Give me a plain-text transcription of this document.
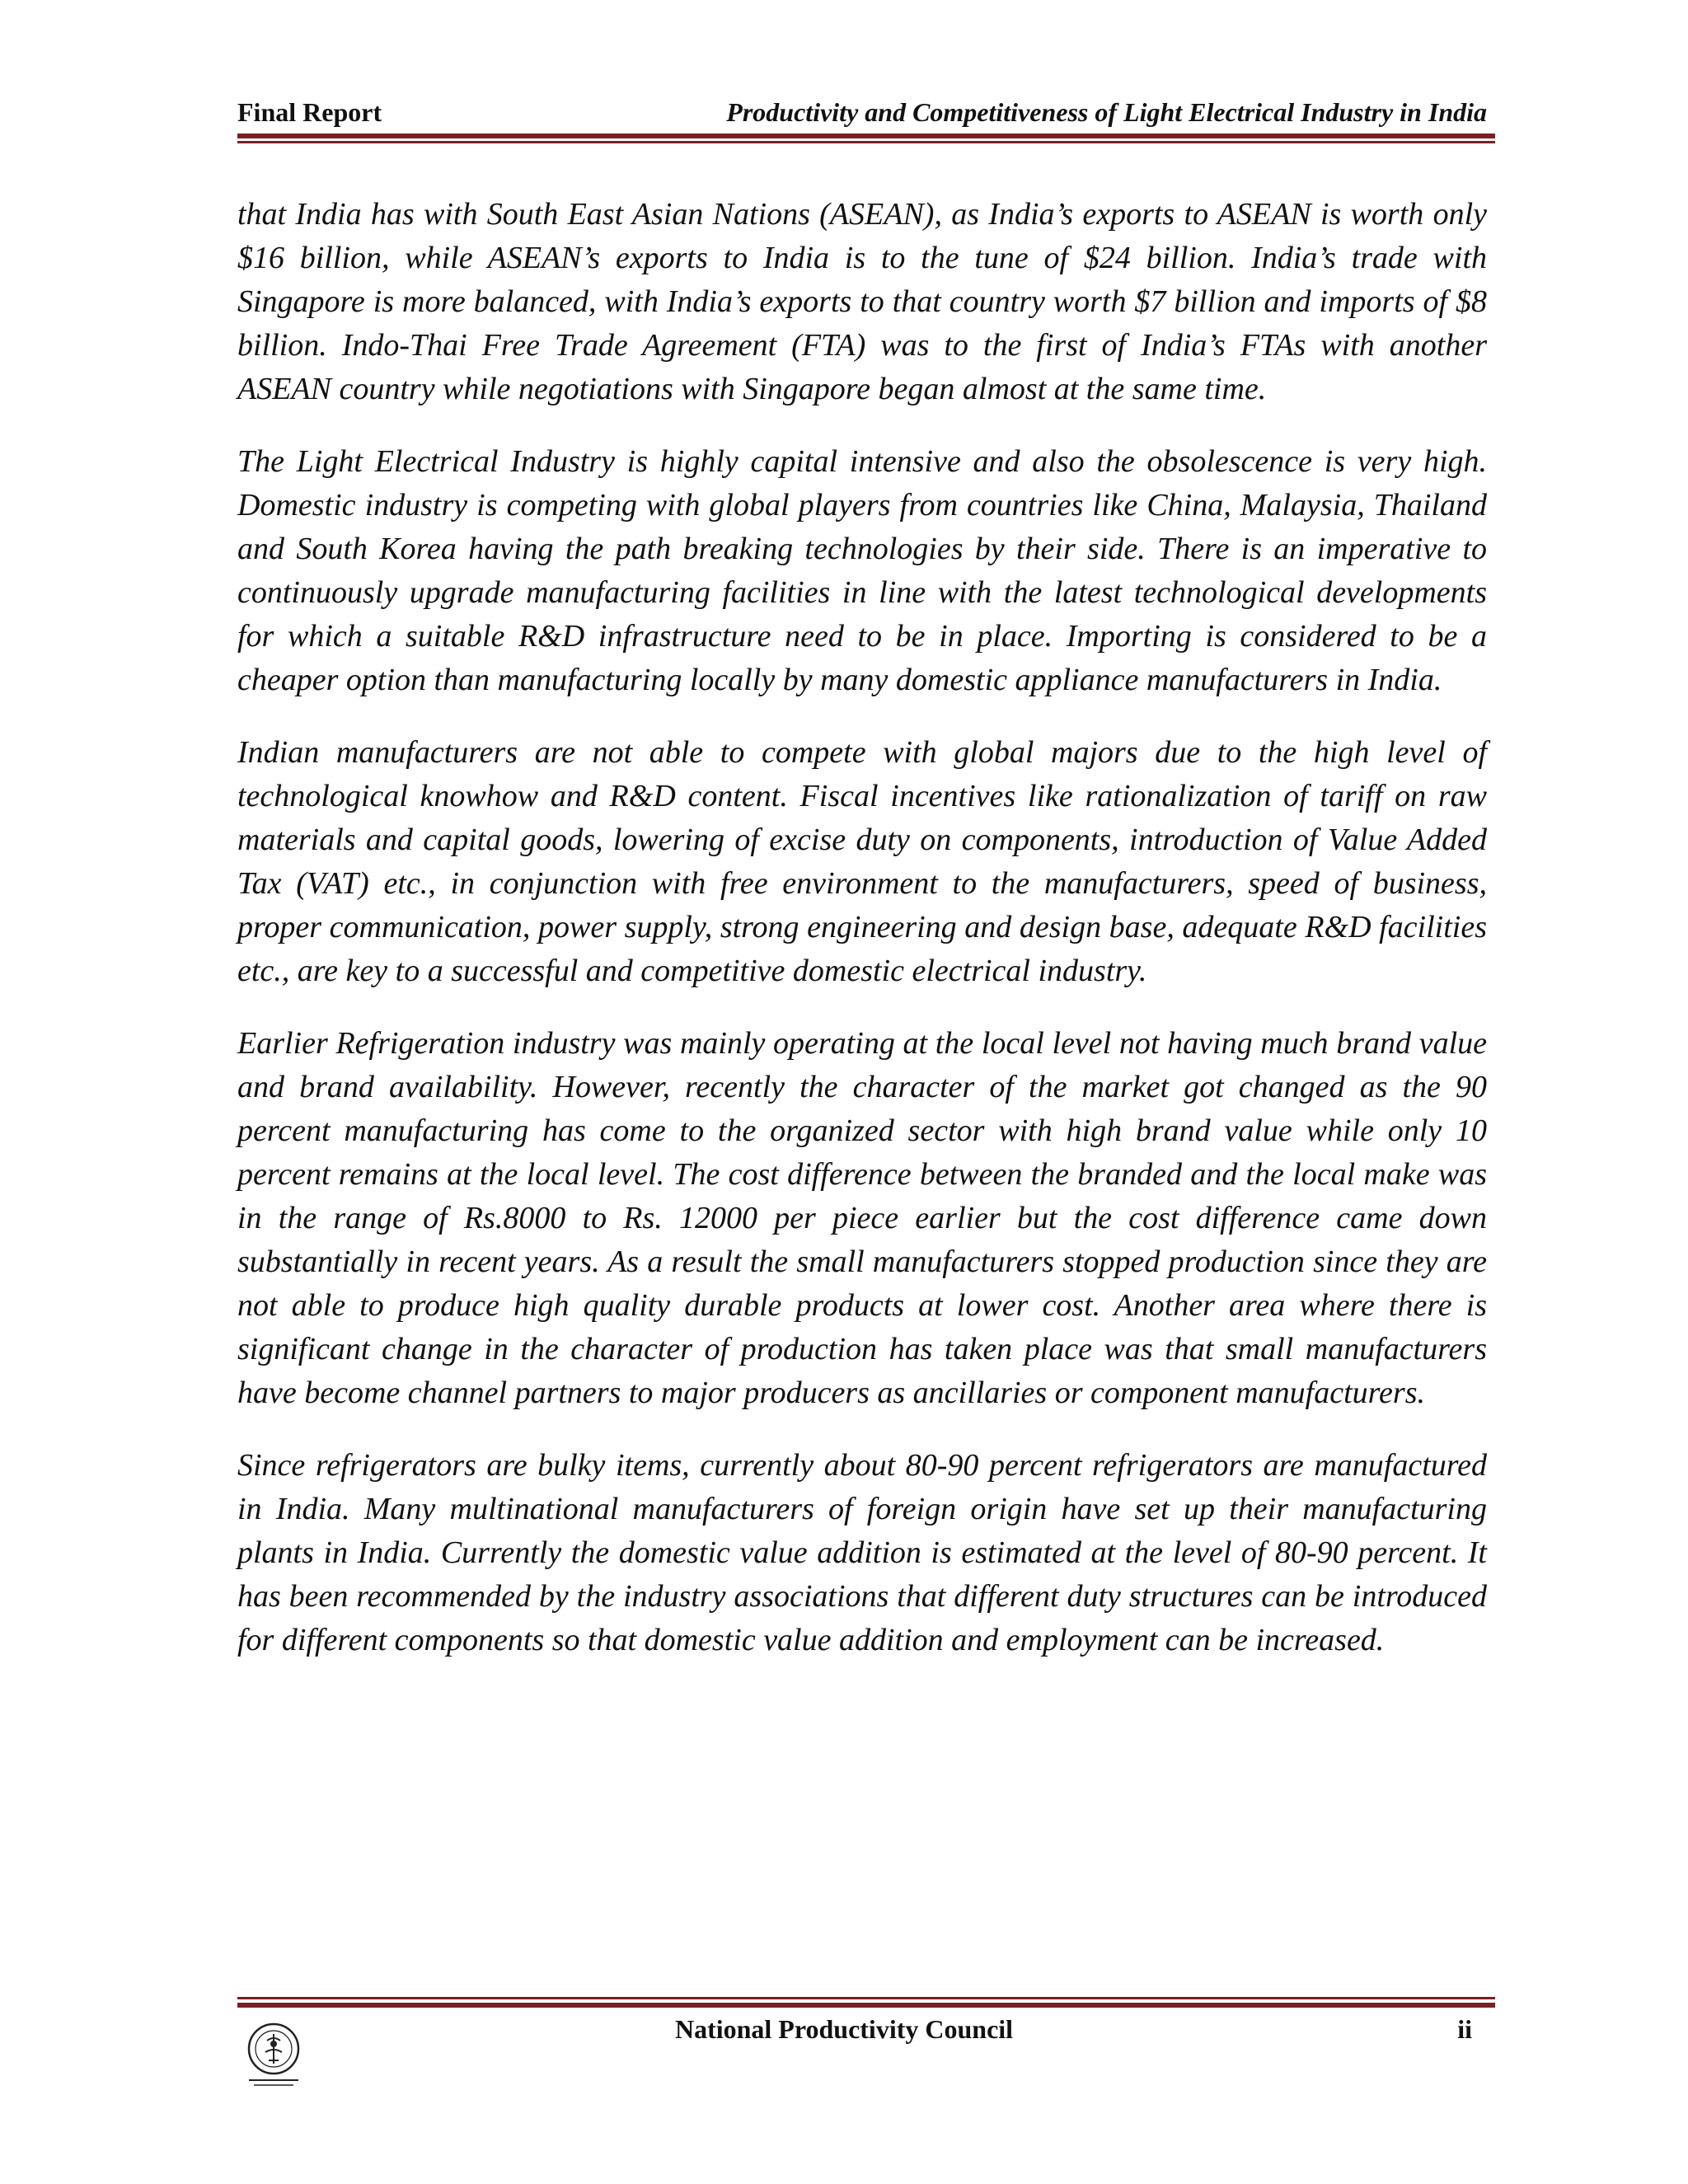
Final Report	Productivity and Competitiveness of Light Electrical Industry in India

that India has with South East Asian Nations (ASEAN), as India’s exports to ASEAN is worth only $16 billion, while ASEAN’s exports to India is to the tune of $24 billion. India’s trade with Singapore is more balanced, with India’s exports to that country worth $7 billion and imports of $8 billion. Indo-Thai Free Trade Agreement (FTA) was to the first of India’s FTAs with another ASEAN country while negotiations with Singapore began almost at the same time.

The Light Electrical Industry is highly capital intensive and also the obsolescence is very high. Domestic industry is competing with global players from countries like China, Malaysia, Thailand and South Korea having the path breaking technologies by their side. There is an imperative to continuously upgrade manufacturing facilities in line with the latest technological developments for which a suitable R&D infrastructure need to be in place. Importing is considered to be a cheaper option than manufacturing locally by many domestic appliance manufacturers in India.

Indian manufacturers are not able to compete with global majors due to the high level of technological knowhow and R&D content. Fiscal incentives like rationalization of tariff on raw materials and capital goods, lowering of excise duty on components, introduction of Value Added Tax (VAT) etc., in conjunction with free environment to the manufacturers, speed of business, proper communication, power supply, strong engineering and design base, adequate R&D facilities etc., are key to a successful and competitive domestic electrical industry.

Earlier Refrigeration industry was mainly operating at the local level not having much brand value and brand availability. However, recently the character of the market got changed as the 90 percent manufacturing has come to the organized sector with high brand value while only 10 percent remains at the local level. The cost difference between the branded and the local make was in the range of Rs.8000 to Rs. 12000 per piece earlier but the cost difference came down substantially in recent years. As a result the small manufacturers stopped production since they are not able to produce high quality durable products at lower cost. Another area where there is significant change in the character of production has taken place was that small manufacturers have become channel partners to major producers as ancillaries or component manufacturers.

Since refrigerators are bulky items, currently about 80-90 percent refrigerators are manufactured in India. Many multinational manufacturers of foreign origin have set up their manufacturing plants in India. Currently the domestic value addition is estimated at the level of 80-90 percent. It has been recommended by the industry associations that different duty structures can be introduced for different components so that domestic value addition and employment can be increased.

National Productivity Council	ii
